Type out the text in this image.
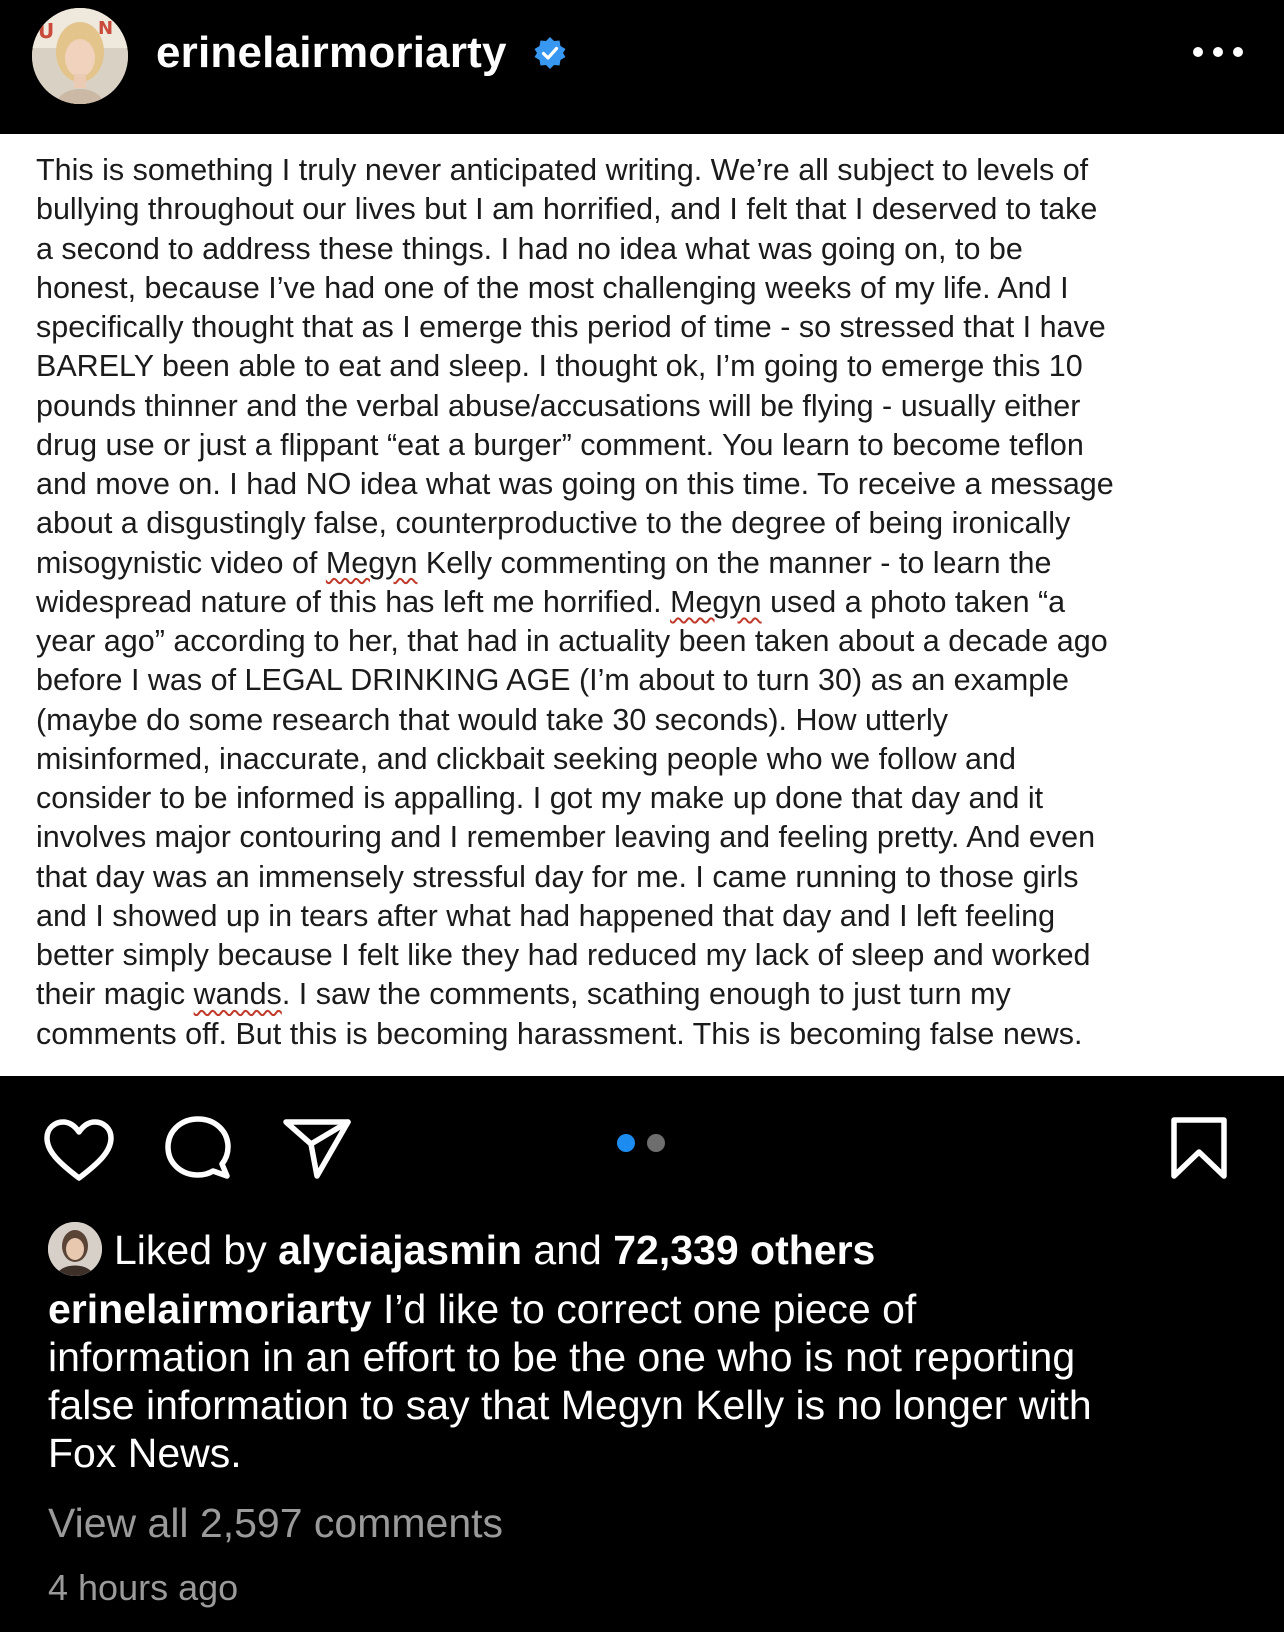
U N erinelairmoriarty
This is something I truly never anticipated writing. We’re all subject to levels of
bullying throughout our lives but I am horrified, and I felt that I deserved to take
a second to address these things. I had no idea what was going on, to be
honest, because I’ve had one of the most challenging weeks of my life. And I
specifically thought that as I emerge this period of time - so stressed that I have
BARELY been able to eat and sleep. I thought ok, I’m going to emerge this 10
pounds thinner and the verbal abuse/accusations will be flying - usually either
drug use or just a flippant “eat a burger” comment. You learn to become teflon
and move on. I had NO idea what was going on this time. To receive a message
about a disgustingly false, counterproductive to the degree of being ironically
misogynistic video of Megyn Kelly commenting on the manner - to learn the
widespread nature of this has left me horrified. Megyn used a photo taken “a
year ago” according to her, that had in actuality been taken about a decade ago
before I was of LEGAL DRINKING AGE (I’m about to turn 30) as an example
(maybe do some research that would take 30 seconds). How utterly
misinformed, inaccurate, and clickbait seeking people who we follow and
consider to be informed is appalling. I got my make up done that day and it
involves major contouring and I remember leaving and feeling pretty. And even
that day was an immensely stressful day for me. I came running to those girls
and I showed up in tears after what had happened that day and I left feeling
better simply because I felt like they had reduced my lack of sleep and worked
their magic wands. I saw the comments, scathing enough to just turn my
comments off. But this is becoming harassment. This is becoming false news.
Liked by alyciajasmin and 72,339 others
erinelairmoriarty I’d like to correct one piece of
information in an effort to be the one who is not reporting
false information to say that Megyn Kelly is no longer with
Fox News.
View all 2,597 comments
4 hours ago
